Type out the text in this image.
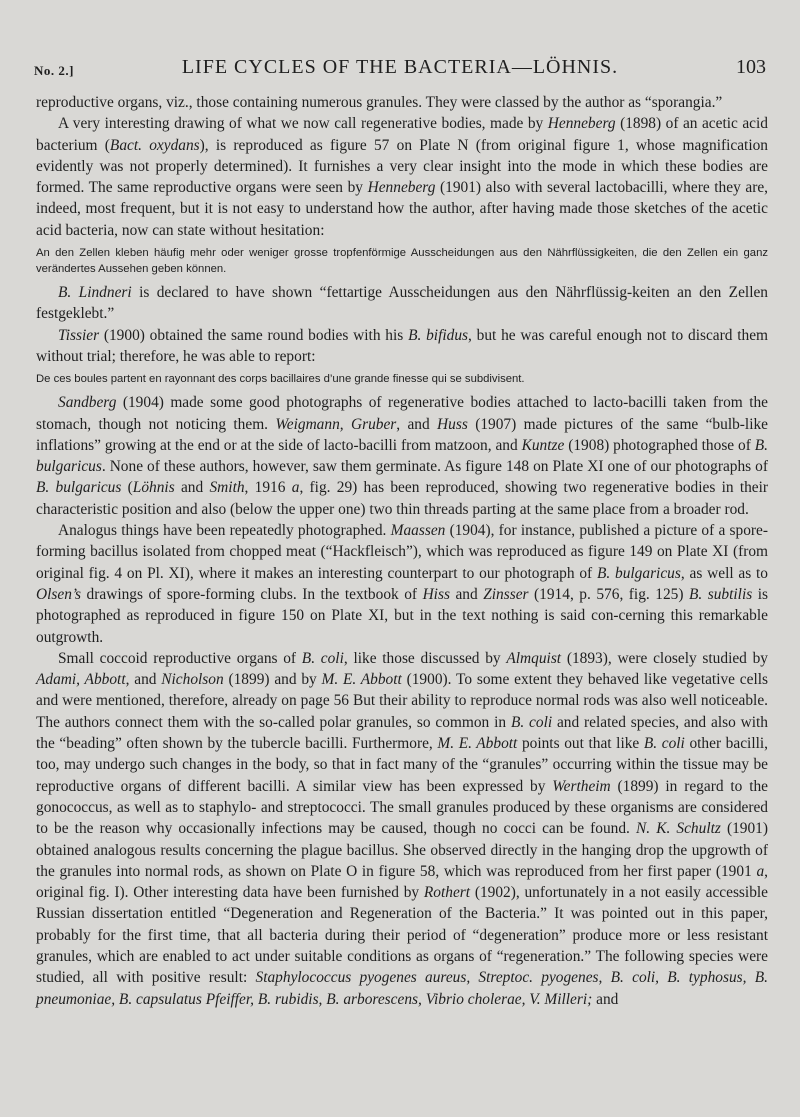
No. 2.]	LIFE CYCLES OF THE BACTERIA—LÖHNIS.	103

reproductive organs, viz., those containing numerous granules. They were classed by the author as “sporangia.”

A very interesting drawing of what we now call regenerative bodies, made by Henneberg (1898) of an acetic acid bacterium (Bact. oxydans), is reproduced as figure 57 on Plate N (from original figure 1, whose magnification evidently was not properly determined). It furnishes a very clear insight into the mode in which these bodies are formed. The same reproductive organs were seen by Henneberg (1901) also with several lactobacilli, where they are, indeed, most frequent, but it is not easy to understand how the author, after having made those sketches of the acetic acid bacteria, now can state without hesitation:

An den Zellen kleben häufig mehr oder weniger grosse tropfenförmige Ausscheidungen aus den Nährflüssigkeiten, die den Zellen ein ganz verändertes Aussehen geben können.

B. Lindneri is declared to have shown “fettartige Ausscheidungen aus den Nährflüssig-keiten an den Zellen festgeklebt.”

Tissier (1900) obtained the same round bodies with his B. bifidus, but he was careful enough not to discard them without trial; therefore, he was able to report:

De ces boules partent en rayonnant des corps bacillaires d’une grande finesse qui se subdivisent.

Sandberg (1904) made some good photographs of regenerative bodies attached to lacto-bacilli taken from the stomach, though not noticing them. Weigmann, Gruber, and Huss (1907) made pictures of the same “bulb-like inflations” growing at the end or at the side of lacto-bacilli from matzoon, and Kuntze (1908) photographed those of B. bulgaricus. None of these authors, however, saw them germinate. As figure 148 on Plate XI one of our photographs of B. bulgaricus (Löhnis and Smith, 1916 a, fig. 29) has been reproduced, showing two regenerative bodies in their characteristic position and also (below the upper one) two thin threads parting at the same place from a broader rod.

Analogus things have been repeatedly photographed. Maassen (1904), for instance, published a picture of a spore-forming bacillus isolated from chopped meat (“Hackfleisch”), which was reproduced as figure 149 on Plate XI (from original fig. 4 on Pl. XI), where it makes an interesting counterpart to our photograph of B. bulgaricus, as well as to Olsen’s drawings of spore-forming clubs. In the textbook of Hiss and Zinsser (1914, p. 576, fig. 125) B. subtilis is photographed as reproduced in figure 150 on Plate XI, but in the text nothing is said con-cerning this remarkable outgrowth.

Small coccoid reproductive organs of B. coli, like those discussed by Almquist (1893), were closely studied by Adami, Abbott, and Nicholson (1899) and by M. E. Abbott (1900). To some extent they behaved like vegetative cells and were mentioned, therefore, already on page 56 But their ability to reproduce normal rods was also well noticeable. The authors connect them with the so-called polar granules, so common in B. coli and related species, and also with the “beading” often shown by the tubercle bacilli. Furthermore, M. E. Abbott points out that like B. coli other bacilli, too, may undergo such changes in the body, so that in fact many of the “granules” occurring within the tissue may be reproductive organs of different bacilli. A similar view has been expressed by Wertheim (1899) in regard to the gonococcus, as well as to staphylo- and streptococci. The small granules produced by these organisms are considered to be the reason why occasionally infections may be caused, though no cocci can be found. N. K. Schultz (1901) obtained analogous results concerning the plague bacillus. She observed directly in the hanging drop the upgrowth of the granules into normal rods, as shown on Plate O in figure 58, which was reproduced from her first paper (1901 a, original fig. I). Other interesting data have been furnished by Rothert (1902), unfortunately in a not easily accessible Russian dissertation entitled “Degeneration and Regeneration of the Bacteria.” It was pointed out in this paper, probably for the first time, that all bacteria during their period of “degeneration” produce more or less resistant granules, which are enabled to act under suitable conditions as organs of “regeneration.” The following species were studied, all with positive result: Staphylococcus pyogenes aureus, Streptoc. pyogenes, B. coli, B. typhosus, B. pneumoniae, B. capsulatus Pfeiffer, B. rubidis, B. arborescens, Vibrio cholerae, V. Milleri; and
